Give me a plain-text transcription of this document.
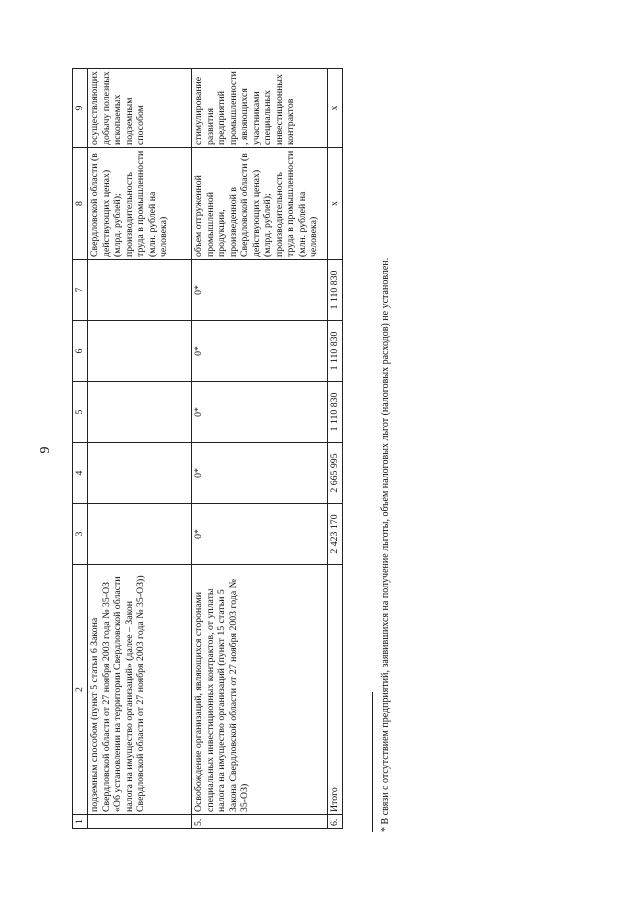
9
1	2	3	4	5	6	7	8	9
	подземным способом (пункт 5 статьи 6 Закона Свердловской области от 27 ноября 2003 года № 35-ОЗ «Об установлении на территории Свердловской области налога на имущество организаций» (далее – Закон Свердловской области от 27 ноября 2003 года № 35-ОЗ))						Свердловской области (в действующих ценах) (млрд. рублей); производительность труда в промышленности (млн. рублей на человека)	осуществляющих добычу полезных ископаемых подземным способом
5.	Освобождение организаций, являющихся сторонами специальных инвестиционных контрактов, от уплаты налога на имущество организаций (пункт 15 статьи 5 Закона Свердловской области от 27 ноября 2003 года № 35-ОЗ)	0*	0*	0*	0*	0*	объем отгруженной промышленной продукции, произведенной в Свердловской области (в действующих ценах) (млрд. рублей); производительность труда в промышленности (млн. рублей на человека)	стимулирование развития предприятий промышленности, являющихся участниками специальных инвестиционных контрактов
6.	Итого	2 423 170	2 665 995	1 110 830	1 110 830	1 110 830	х	х
* В связи с отсутствием предприятий, заявившихся на получение льготы, объем налоговых льгот (налоговых расходов) не установлен.
